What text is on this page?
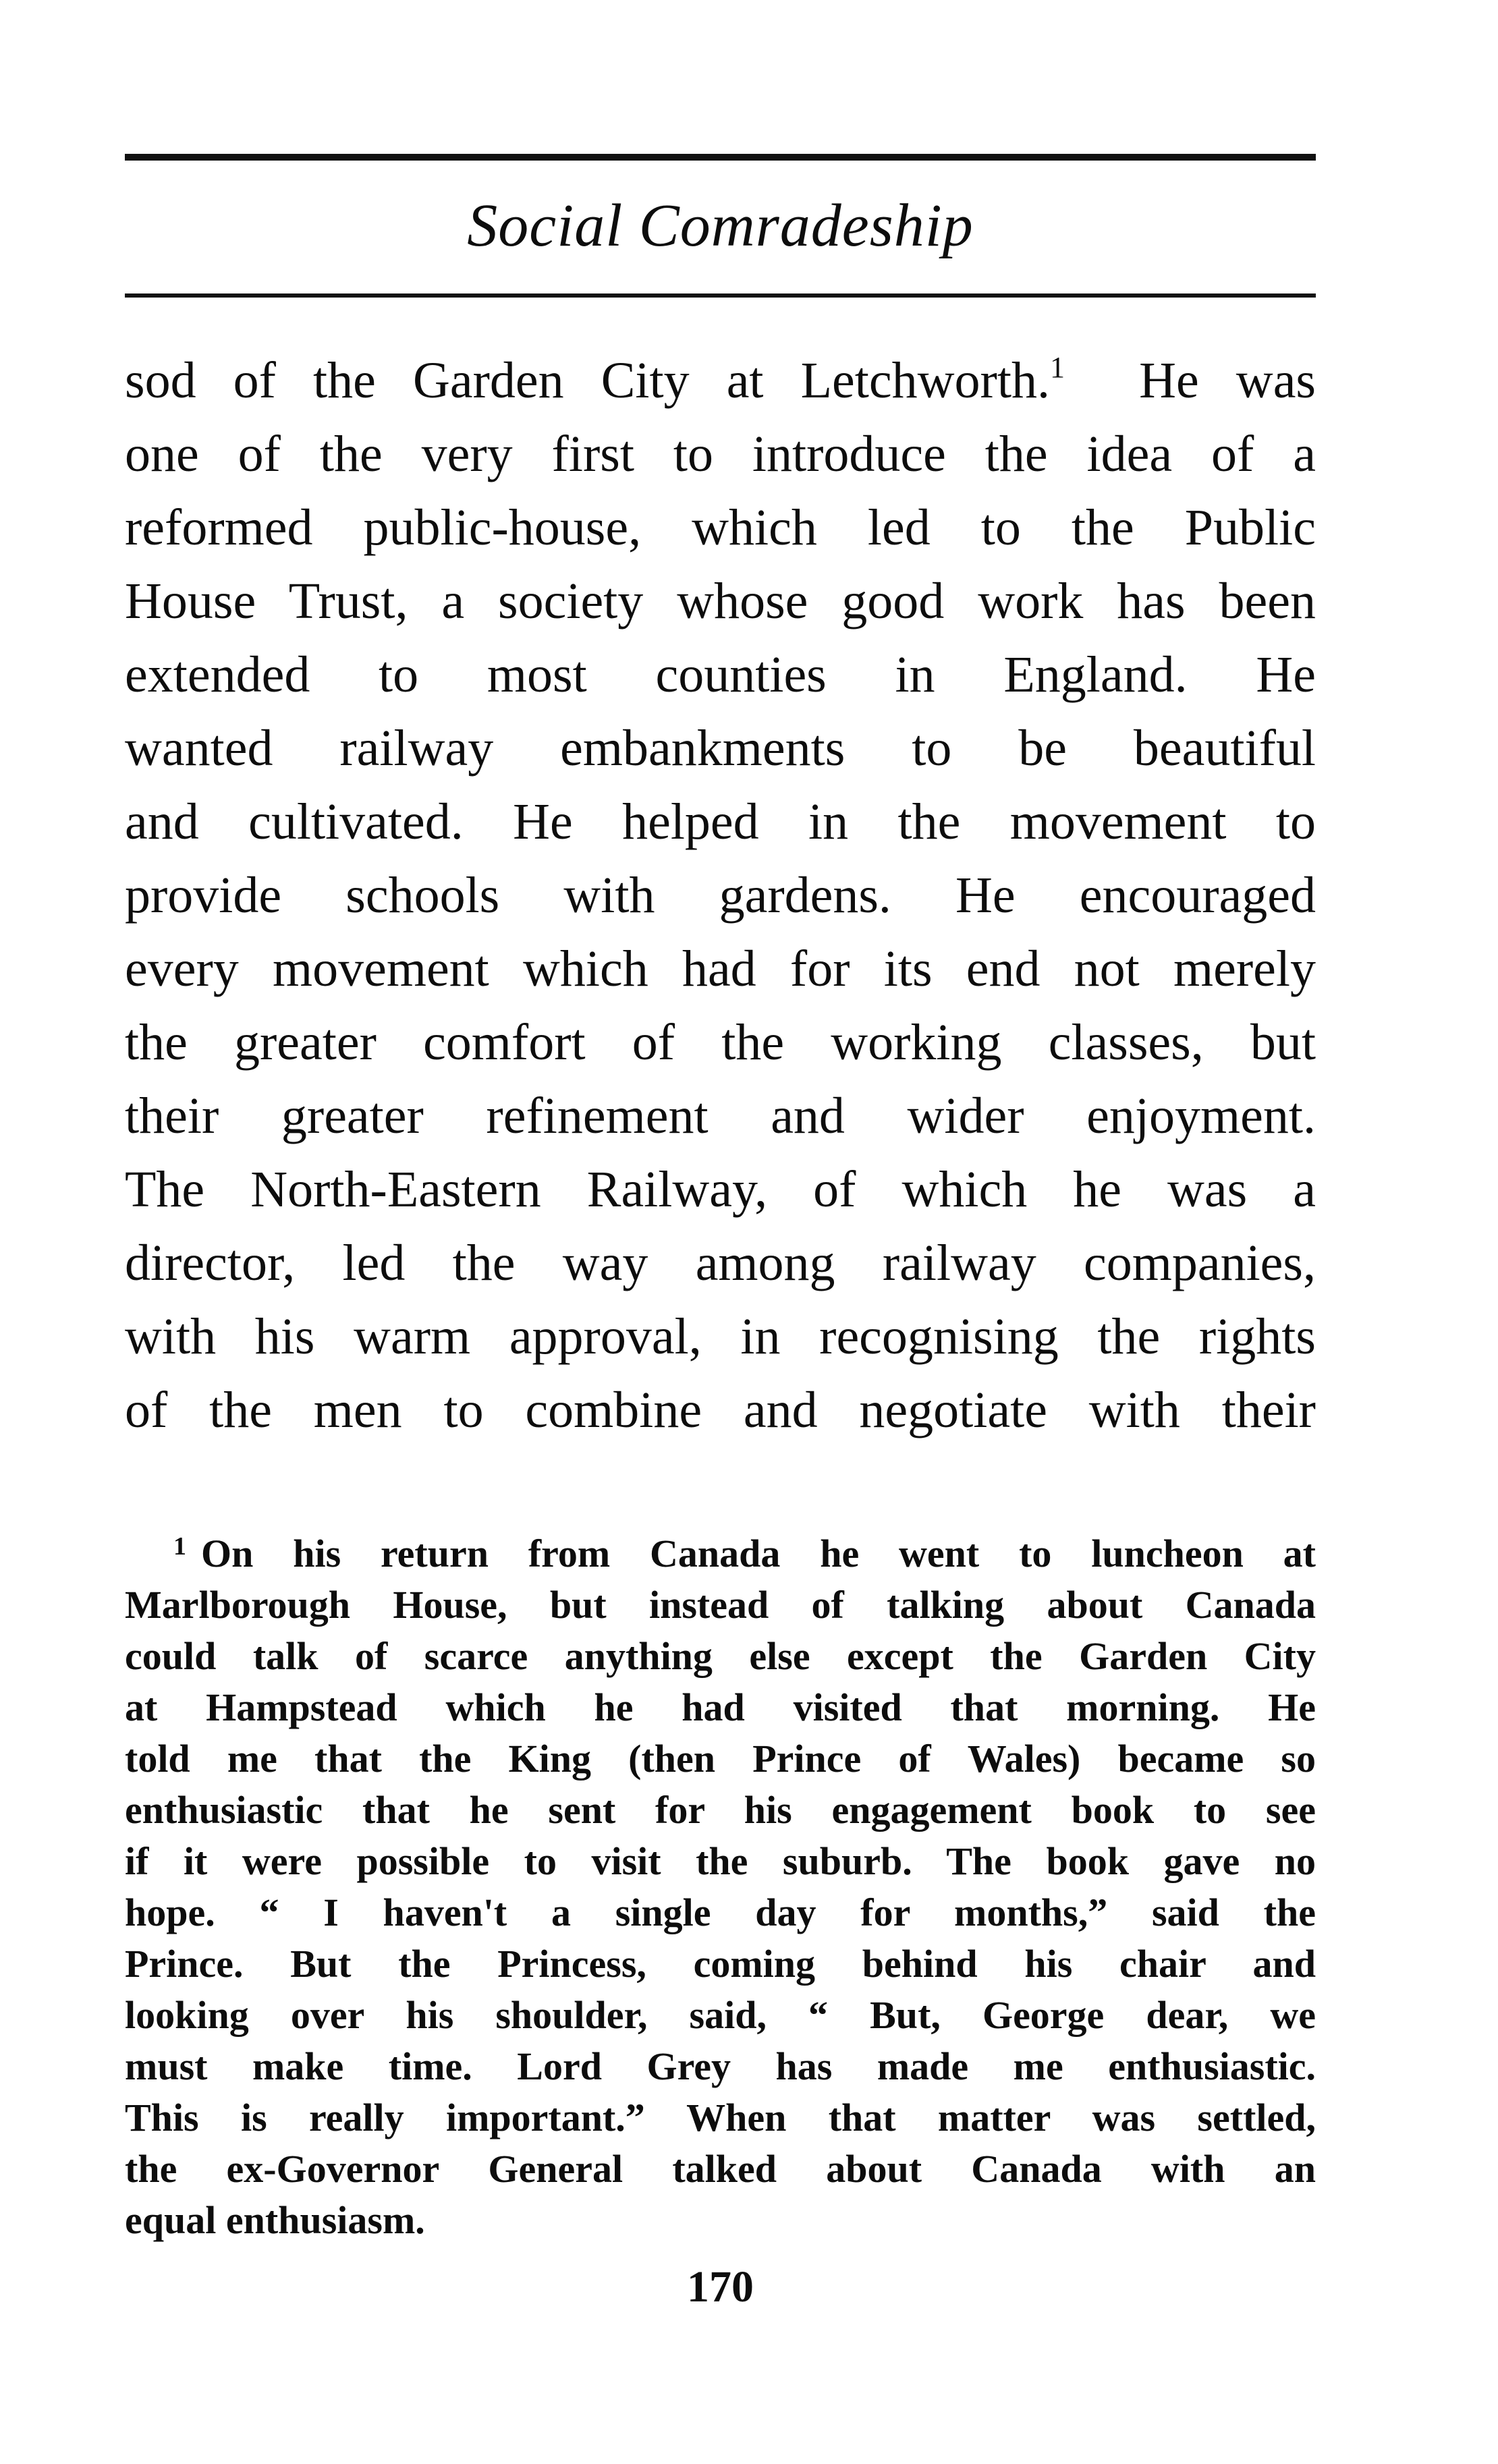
Social Comradeship
sod of the Garden City at Letchworth.$^1$ He was
one of the very first to introduce the idea of a
reformed public-house, which led to the Public
House Trust, a society whose good work has been
extended to most counties in England. He
wanted railway embankments to be beautiful
and cultivated. He helped in the movement to
provide schools with gardens. He encouraged
every movement which had for its end not merely
the greater comfort of the working classes, but
their greater refinement and wider enjoyment.
The North-Eastern Railway, of which he was a
director, led the way among railway companies,
with his warm approval, in recognising the rights
of the men to combine and negotiate with their
$^1$ On his return from Canada he went to luncheon at
Marlborough House, but instead of talking about Canada
could talk of scarce anything else except the Garden City
at Hampstead which he had visited that morning. He
told me that the King (then Prince of Wales) became so
enthusiastic that he sent for his engagement book to see
if it were possible to visit the suburb. The book gave no
hope. “ I haven't a single day for months,” said the
Prince. But the Princess, coming behind his chair and
looking over his shoulder, said, “ But, George dear, we
must make time. Lord Grey has made me enthusiastic.
This is really important.” When that matter was settled,
the ex-Governor General talked about Canada with an
equal enthusiasm.
170
